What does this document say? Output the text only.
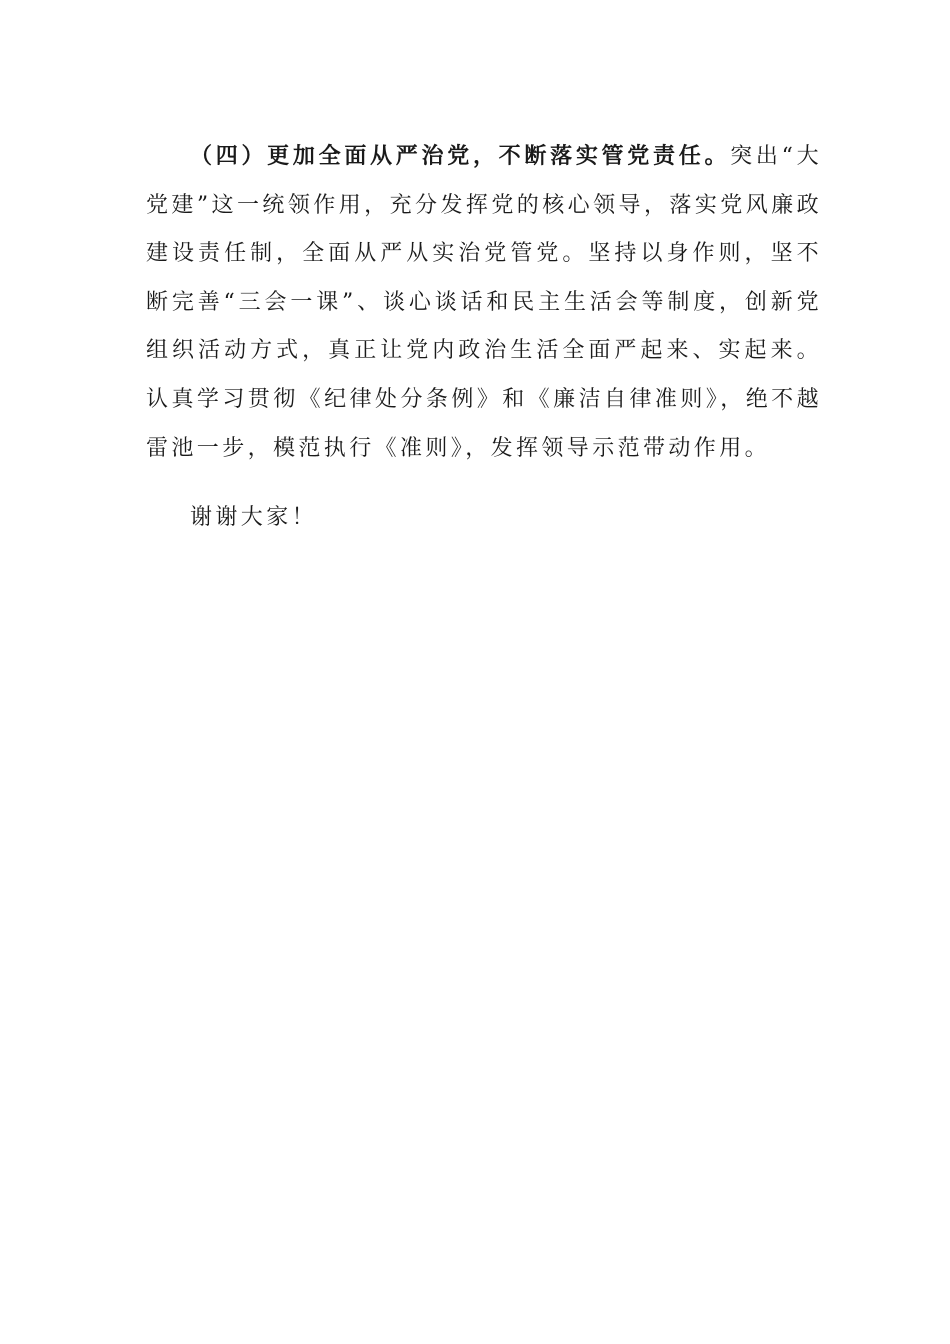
（四）更加全面从严治党，不断落实管党责任。突出“大党建”这一统领作用，充分发挥党的核心领导，落实党风廉政建设责任制，全面从严从实治党管党。坚持以身作则，坚不断完善“三会一课”、谈心谈话和民主生活会等制度，创新党组织活动方式，真正让党内政治生活全面严起来、实起来。认真学习贯彻《纪律处分条例》和《廉洁自律准则》，绝不越雷池一步，模范执行《准则》，发挥领导示范带动作用。

谢谢大家！
